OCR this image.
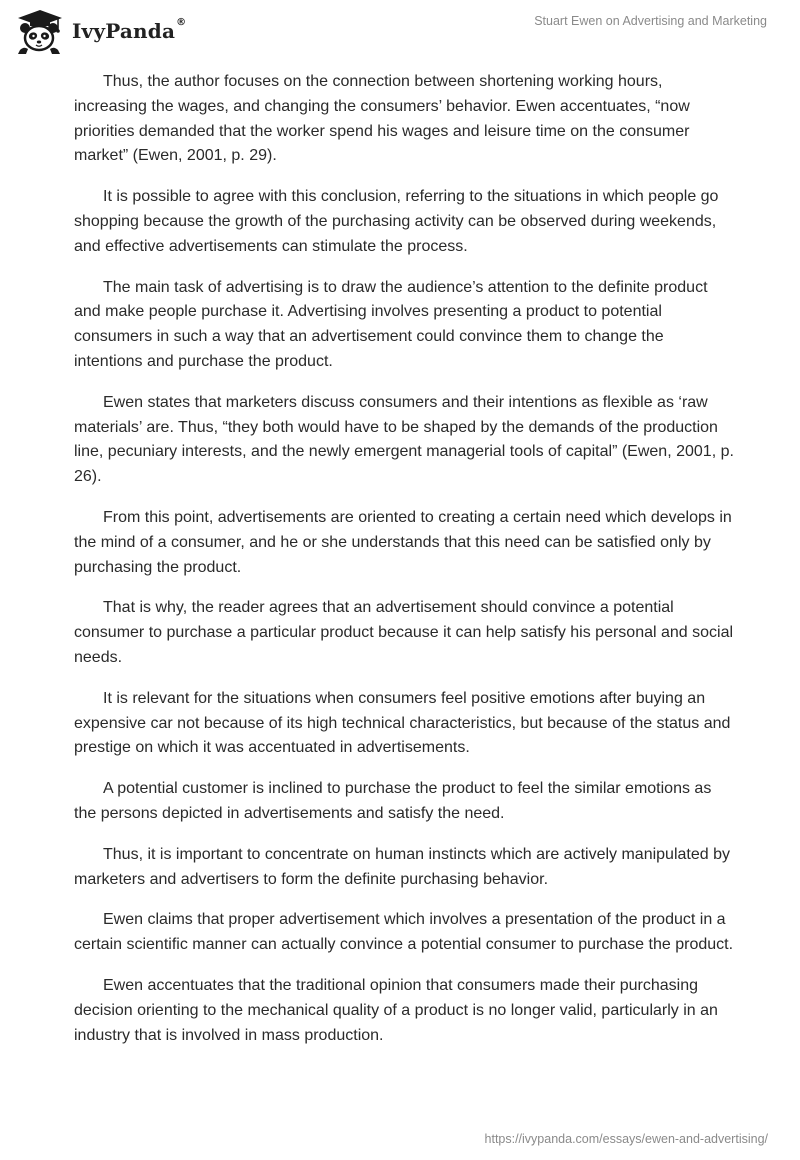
IvyPanda ®	Stuart Ewen on Advertising and Marketing

Thus, the author focuses on the connection between shortening working hours, increasing the wages, and changing the consumers’ behavior. Ewen accentuates, “now priorities demanded that the worker spend his wages and leisure time on the consumer market” (Ewen, 2001, p. 29).

It is possible to agree with this conclusion, referring to the situations in which people go shopping because the growth of the purchasing activity can be observed during weekends, and effective advertisements can stimulate the process.

The main task of advertising is to draw the audience’s attention to the definite product and make people purchase it. Advertising involves presenting a product to potential consumers in such a way that an advertisement could convince them to change the intentions and purchase the product.

Ewen states that marketers discuss consumers and their intentions as flexible as ‘raw materials’ are. Thus, “they both would have to be shaped by the demands of the production line, pecuniary interests, and the newly emergent managerial tools of capital” (Ewen, 2001, p. 26).

From this point, advertisements are oriented to creating a certain need which develops in the mind of a consumer, and he or she understands that this need can be satisfied only by purchasing the product.

That is why, the reader agrees that an advertisement should convince a potential consumer to purchase a particular product because it can help satisfy his personal and social needs.

It is relevant for the situations when consumers feel positive emotions after buying an expensive car not because of its high technical characteristics, but because of the status and prestige on which it was accentuated in advertisements.

A potential customer is inclined to purchase the product to feel the similar emotions as the persons depicted in advertisements and satisfy the need.

Thus, it is important to concentrate on human instincts which are actively manipulated by marketers and advertisers to form the definite purchasing behavior.

Ewen claims that proper advertisement which involves a presentation of the product in a certain scientific manner can actually convince a potential consumer to purchase the product.

Ewen accentuates that the traditional opinion that consumers made their purchasing decision orienting to the mechanical quality of a product is no longer valid, particularly in an industry that is involved in mass production.

https://ivypanda.com/essays/ewen-and-advertising/
